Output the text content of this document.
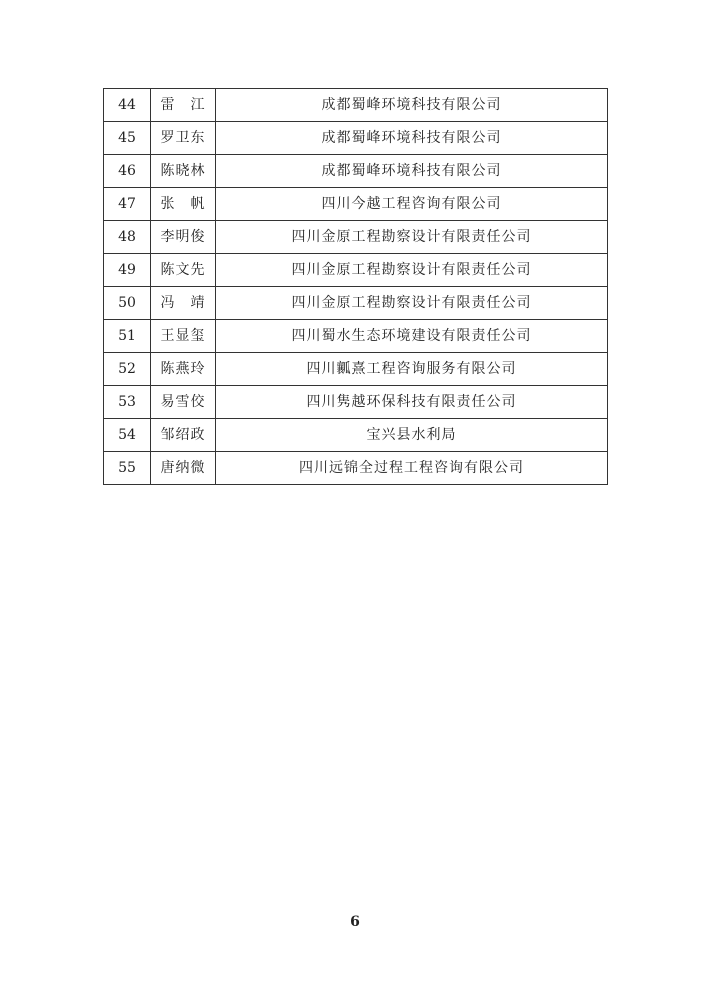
44	雷　江	成都蜀峰环境科技有限公司
45	罗卫东	成都蜀峰环境科技有限公司
46	陈晓林	成都蜀峰环境科技有限公司
47	张　帆	四川今越工程咨询有限公司
48	李明俊	四川金原工程勘察设计有限责任公司
49	陈文先	四川金原工程勘察设计有限责任公司
50	冯　靖	四川金原工程勘察设计有限责任公司
51	王显玺	四川蜀水生态环境建设有限责任公司
52	陈燕玲	四川瓤熹工程咨询服务有限公司
53	易雪佼	四川隽越环保科技有限责任公司
54	邹绍政	宝兴县水利局
55	唐纳微	四川远锦全过程工程咨询有限公司
6
